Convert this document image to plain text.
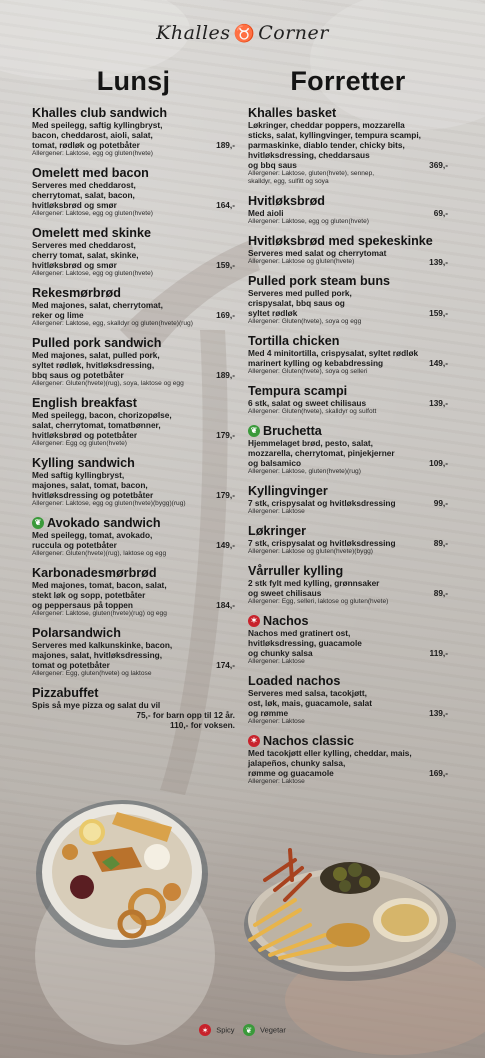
Khalles ♉ Corner
Lunsj
Khalles club sandwich
Med speilegg, saftig kyllingbryst,
bacon, cheddarost, aioli, salat,
tomat, rødløk og potetbåter	189,-
Allergener: Laktose, egg og gluten(hvete)
Omelett med bacon
Serveres med cheddarost,
cherrytomat, salat, bacon,
hvitløksbrød og smør	164,-
Allergener: Laktose, egg og gluten(hvete)
Omelett med skinke
Serveres med cheddarost,
cherry tomat, salat, skinke,
hvitløksbrød og smør	159,-
Allergener: Laktose, egg og gluten(hvete)
Rekesmørbrød
Med majones, salat, cherrytomat,
reker og lime	169,-
Allergener: Laktose, egg, skalldyr og gluten(hvete)(rug)
Pulled pork sandwich
Med majones, salat, pulled pork,
syltet rødløk, hvitløksdressing,
bbq saus og potetbåter	189,-
Allergener: Gluten(hvete)(rug), soya, laktose og egg
English breakfast
Med speilegg, bacon, chorizopølse,
salat, cherrytomat, tomatbønner,
hvitløksbrød og potetbåter	179,-
Allergener: Egg og gluten(hvete)
Kylling sandwich
Med saftig kyllingbryst,
majones, salat, tomat, bacon,
hvitløksdressing og potetbåter	179,-
Allergener: Laktose, egg og gluten(hvete)(bygg)(rug)
❦ Avokado sandwich
Med speilegg, tomat, avokado,
ruccula og potetbåter	149,-
Allergener: Gluten(hvete)(rug), laktose og egg
Karbonadesmørbrød
Med majones, tomat, bacon, salat,
stekt løk og sopp, potetbåter
og peppersaus på toppen	184,-
Allergener: Laktose, gluten(hvete)(rug) og egg
Polarsandwich
Serveres med kalkunskinke, bacon,
majones, salat, hvitløksdressing,
tomat og potetbåter	174,-
Allergener: Egg, gluten(hvete) og laktose
Pizzabuffet
Spis så mye pizza og salat du vil
75,- for barn opp til 12 år.
110,- for voksen.
Forretter
Khalles basket
Løkringer, cheddar poppers, mozzarella
sticks, salat, kyllingvinger, tempura scampi,
parmaskinke, diablo tender, chicky bits,
hvitløksdressing, cheddarsaus
og bbq saus	369,-
Allergener: Laktose, gluten(hvete), sennep,
skalldyr, egg, sulfitt og soya
Hvitløksbrød
Med aioli	69,-
Allergener: Laktose, egg og gluten(hvete)
Hvitløksbrød med spekeskinke
Serveres med salat og cherrytomat
Allergener: Laktose og gluten(hvete)	139,-
Pulled pork steam buns
Serveres med pulled pork,
crispysalat, bbq saus og
syltet rødløk	159,-
Allergener: Gluten(hvete), soya og egg
Tortilla chicken
Med 4 minitortilla, crispysalat, syltet rødløk
marinert kylling og kebabdressing	149,-
Allergener: Gluten(hvete), soya og selleri
Tempura scampi
6 stk, salat og sweet chilisaus	139,-
Allergener: Gluten(hvete), skalldyr og sulfott
❦ Bruchetta
Hjemmelaget brød, pesto, salat,
mozzarella, cherrytomat, pinjekjerner
og balsamico	109,-
Allergener: Laktose, gluten(hvete)(rug)
Kyllingvinger
7 stk, crispysalat og hvitløksdressing	99,-
Allergener: Laktose
Løkringer
7 stk, crispysalat og hvitløksdressing	89,-
Allergener: Laktose og gluten(hvete)(bygg)
Vårruller kylling
2 stk fylt med kylling, grønnsaker
og sweet chilisaus	89,-
Allergener: Egg, selleri, laktose og gluten(hvete)
✶ Nachos
Nachos med gratinert ost,
hvitløksdressing, guacamole
og chunky salsa	119,-
Allergener: Laktose
Loaded nachos
Serveres med salsa, tacokjøtt,
ost, løk, mais, guacamole, salat
og rømme	139,-
Allergener: Laktose
✶ Nachos classic
Med tacokjøtt eller kylling, cheddar, mais,
jalapeños, chunky salsa,
rømme og guacamole	169,-
Allergener: Laktose
✶ Spicy ❦ Vegetar
